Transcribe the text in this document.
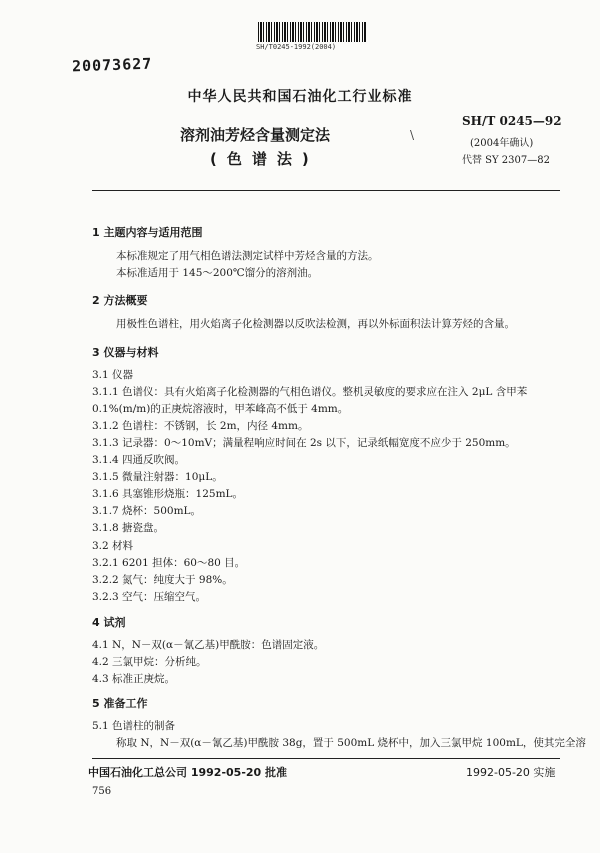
SH/T0245-1992(2004)
20073627
中华人民共和国石油化工行业标准
溶剂油芳烃含量测定法
(色谱法)
\
SH/T 0245—92
(2004年确认)
代替 SY 2307—82
1 主题内容与适用范围
本标准规定了用气相色谱法测定试样中芳烃含量的方法。
本标准适用于 145～200℃馏分的溶剂油。
2 方法概要
用极性色谱柱，用火焰离子化检测器以反吹法检测，再以外标面积法计算芳烃的含量。
3 仪器与材料
3.1 仪器
3.1.1 色谱仪：具有火焰离子化检测器的气相色谱仪。整机灵敏度的要求应在注入 2μL 含甲苯
0.1%(m/m)的正庚烷溶液时，甲苯峰高不低于 4mm。
3.1.2 色谱柱：不锈钢，长 2m，内径 4mm。
3.1.3 记录器：0～10mV；满量程响应时间在 2s 以下，记录纸幅宽度不应少于 250mm。
3.1.4 四通反吹阀。
3.1.5 微量注射器：10μL。
3.1.6 具塞锥形烧瓶：125mL。
3.1.7 烧杯：500mL。
3.1.8 搪瓷盘。
3.2 材料
3.2.1 6201 担体：60～80 目。
3.2.2 氮气：纯度大于 98%。
3.2.3 空气：压缩空气。
4 试剂
4.1 N，N－双(α－氰乙基)甲酰胺：色谱固定液。
4.2 三氯甲烷：分析纯。
4.3 标准正庚烷。
5 准备工作
5.1 色谱柱的制备
称取 N，N－双(α－氰乙基)甲酰胺 38g，置于 500mL 烧杯中，加入三氯甲烷 100mL，使其完全溶
中国石油化工总公司 1992-05-20 批准	1992-05-20 实施
756
